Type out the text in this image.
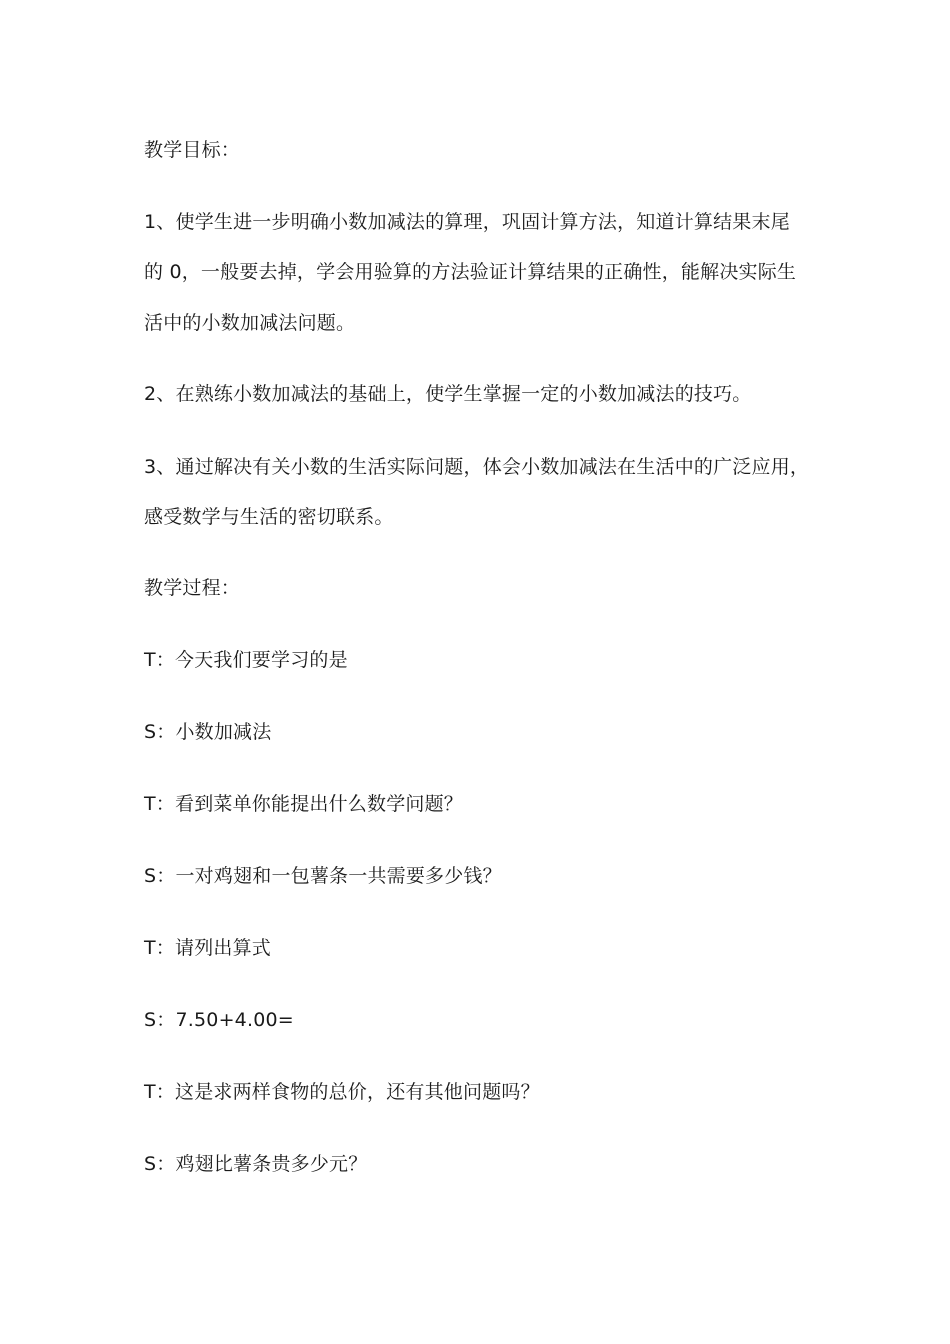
教学目标：
1、使学生进一步明确小数加减法的算理，巩固计算方法，知道计算结果末尾
的 0，一般要去掉，学会用验算的方法验证计算结果的正确性，能解决实际生
活中的小数加减法问题。
2、在熟练小数加减法的基础上，使学生掌握一定的小数加减法的技巧。
3、通过解决有关小数的生活实际问题，体会小数加减法在生活中的广泛应用，
感受数学与生活的密切联系。
教学过程：
T：今天我们要学习的是
S：小数加减法
T：看到菜单你能提出什么数学问题？
S：一对鸡翅和一包薯条一共需要多少钱？
T：请列出算式
S：7.50+4.00=
T：这是求两样食物的总价，还有其他问题吗？
S：鸡翅比薯条贵多少元？
